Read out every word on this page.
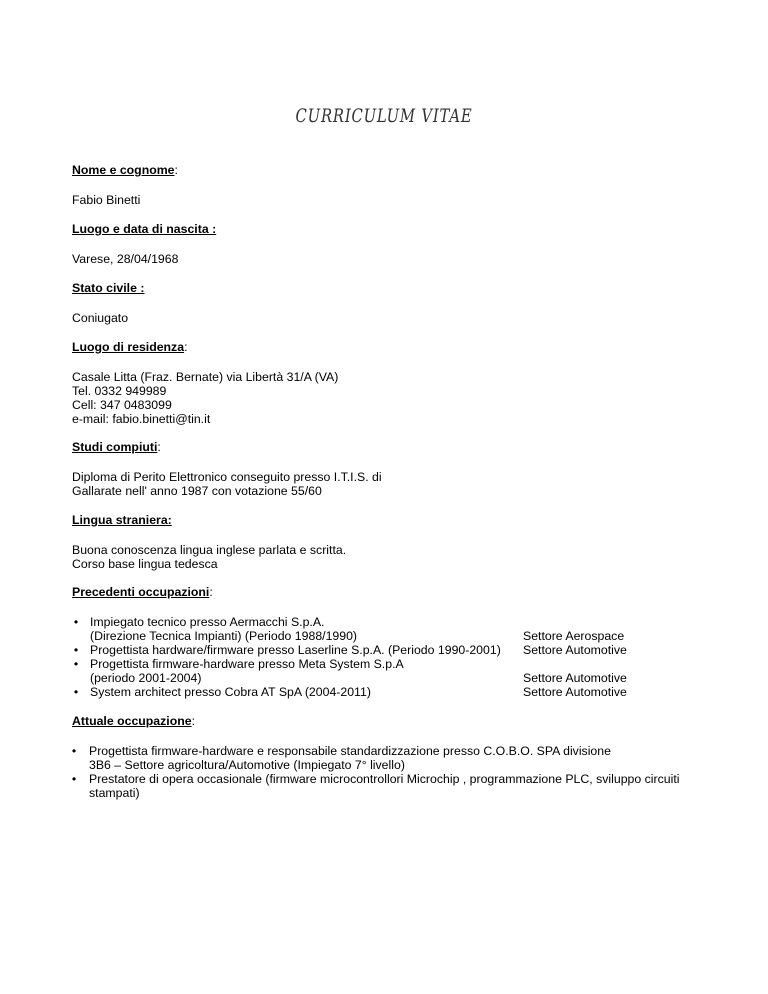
CURRICULUM VITAE
Nome e cognome:
Fabio Binetti
Luogo e data di nascita :
Varese, 28/04/1968
Stato civile :
Coniugato
Luogo di residenza:
Casale Litta (Fraz. Bernate) via Libertà 31/A (VA)
Tel. 0332 949989
Cell: 347 0483099
e-mail: fabio.binetti@tin.it
Studi compiuti:
Diploma di Perito Elettronico conseguito presso I.T.I.S. di
Gallarate nell' anno 1987 con votazione 55/60
Lingua straniera:
Buona conoscenza lingua inglese parlata e scritta.
Corso base lingua tedesca
Precedenti occupazioni:
• Impiegato tecnico presso Aermacchi S.p.A.
(Direzione Tecnica Impianti) (Periodo 1988/1990)	Settore Aerospace
• Progettista hardware/firmware presso Laserline S.p.A. (Periodo 1990-2001) Settore Automotive
• Progettista firmware-hardware presso Meta System S.p.A
(periodo 2001-2004)	Settore Automotive
• System architect presso Cobra AT SpA (2004-2011)	Settore Automotive
Attuale occupazione:
• Progettista firmware-hardware e responsabile standardizzazione presso C.O.B.O. SPA divisione
3B6 – Settore agricoltura/Automotive (Impiegato 7° livello)
• Prestatore di opera occasionale (firmware microcontrollori Microchip , programmazione PLC, sviluppo circuiti
stampati)
